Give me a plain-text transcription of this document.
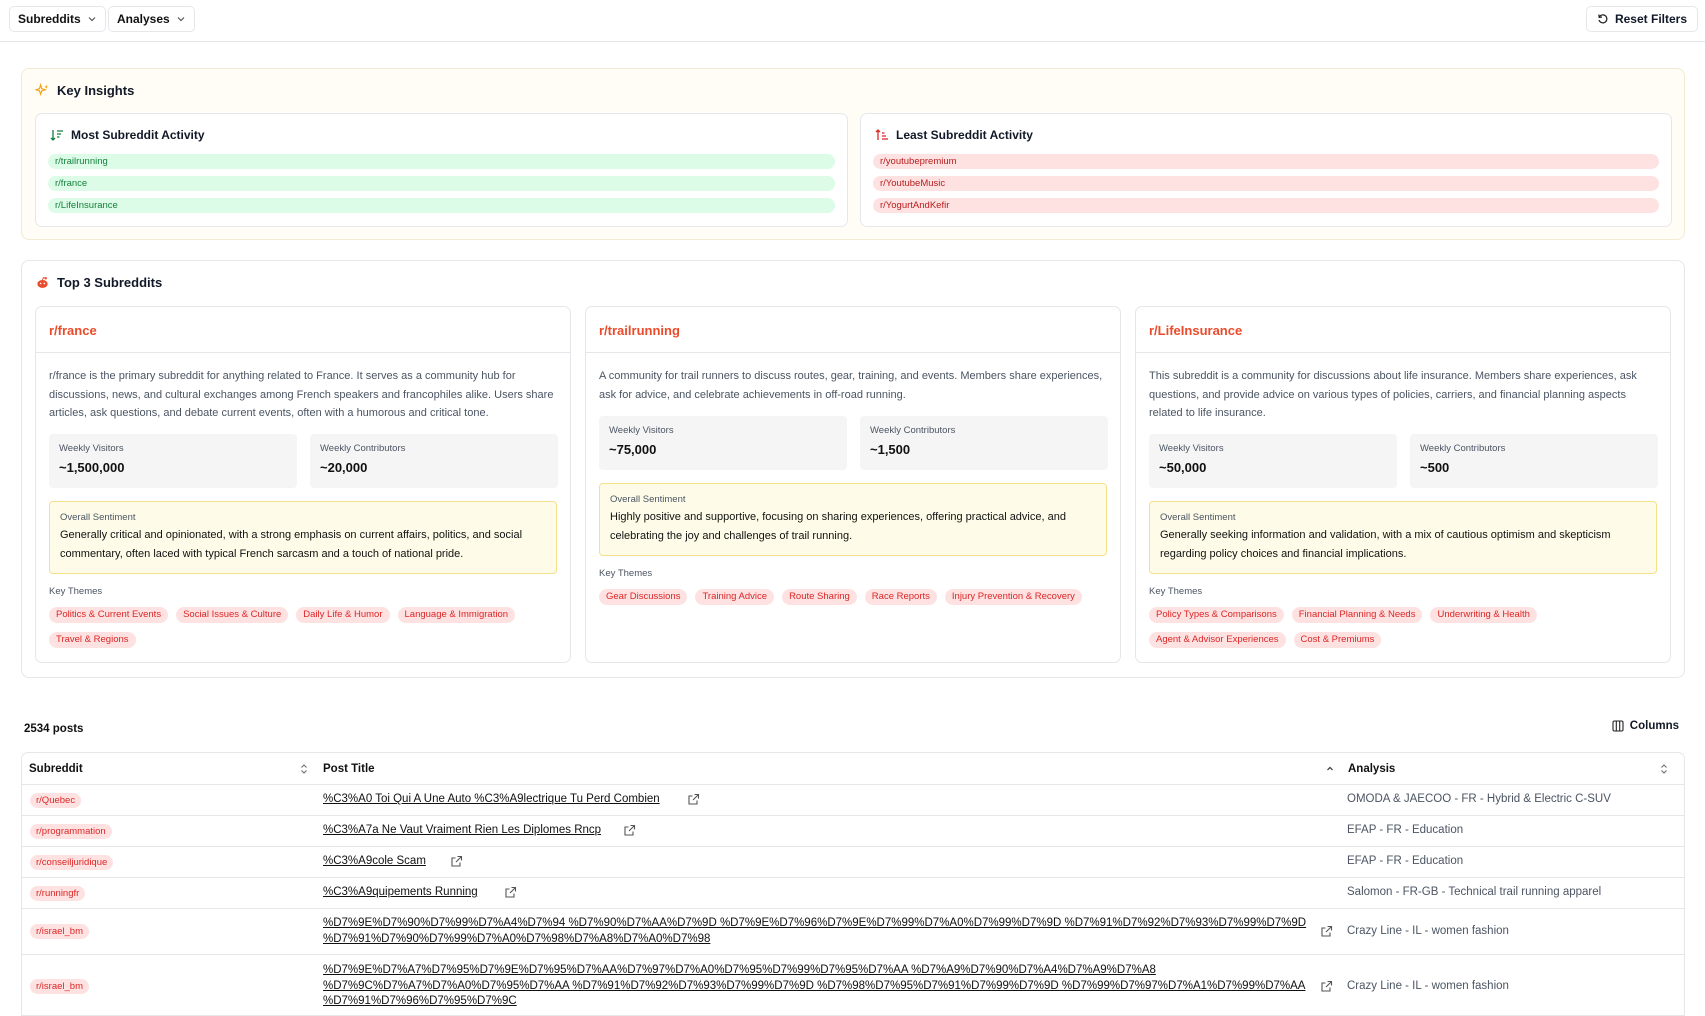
Subreddits	Analyses	Reset Filters
Key Insights
Most Subreddit Activity
r/trailrunning
r/france
r/LifeInsurance
Least Subreddit Activity
r/youtubepremium
r/YoutubeMusic
r/YogurtAndKefir
Top 3 Subreddits
r/france
r/france is the primary subreddit for anything related to France. It serves as a community hub for discussions, news, and cultural exchanges among French speakers and francophiles alike. Users share articles, ask questions, and debate current events, often with a humorous and critical tone.
Weekly Visitors
~1,500,000
Weekly Contributors
~20,000
Overall Sentiment
Generally critical and opinionated, with a strong emphasis on current affairs, politics, and social commentary, often laced with typical French sarcasm and a touch of national pride.
Key Themes
Politics & Current Events	Social Issues & Culture	Daily Life & Humor	Language & Immigration
Travel & Regions
r/trailrunning
A community for trail runners to discuss routes, gear, training, and events. Members share experiences, ask for advice, and celebrate achievements in off-road running.
Weekly Visitors
~75,000
Weekly Contributors
~1,500
Overall Sentiment
Highly positive and supportive, focusing on sharing experiences, offering practical advice, and celebrating the joy and challenges of trail running.
Key Themes
Gear Discussions	Training Advice	Route Sharing	Race Reports	Injury Prevention & Recovery
r/LifeInsurance
This subreddit is a community for discussions about life insurance. Members share experiences, ask questions, and provide advice on various types of policies, carriers, and financial planning aspects related to life insurance.
Weekly Visitors
~50,000
Weekly Contributors
~500
Overall Sentiment
Generally seeking information and validation, with a mix of cautious optimism and skepticism regarding policy choices and financial implications.
Key Themes
Policy Types & Comparisons	Financial Planning & Needs	Underwriting & Health
Agent & Advisor Experiences	Cost & Premiums
2534 posts	Columns
Subreddit	Post Title	Analysis
r/Quebec	%C3%A0 Toi Qui A Une Auto %C3%A9lectrique Tu Perd Combien	OMODA & JAECOO - FR - Hybrid & Electric C-SUV
r/programmation	%C3%A7a Ne Vaut Vraiment Rien Les Diplomes Rncp	EFAP - FR - Education
r/conseiljuridique	%C3%A9cole Scam	EFAP - FR - Education
r/runningfr	%C3%A9quipements Running	Salomon - FR-GB - Technical trail running apparel
r/israel_bm
%D7%9E%D7%90%D7%99%D7%A4%D7%94 %D7%90%D7%AA%D7%9D %D7%9E%D7%96%D7%9E%D7%99%D7%A0%D7%99%D7%9D %D7%91%D7%92%D7%93%D7%99%D7%9D %D7%91%D7%90%D7%99%D7%A0%D7%98%D7%A8%D7%A0%D7%98
Crazy Line - IL - women fashion
r/israel_bm
%D7%9E%D7%A7%D7%95%D7%9E%D7%95%D7%AA%D7%97%D7%A0%D7%95%D7%99%D7%95%D7%AA %D7%A9%D7%90%D7%A4%D7%A9%D7%A8 %D7%9C%D7%A7%D7%A0%D7%95%D7%AA %D7%91%D7%92%D7%93%D7%99%D7%9D %D7%98%D7%95%D7%91%D7%99%D7%9D %D7%99%D7%97%D7%A1%D7%99%D7%AA %D7%91%D7%96%D7%95%D7%9C
Crazy Line - IL - women fashion
